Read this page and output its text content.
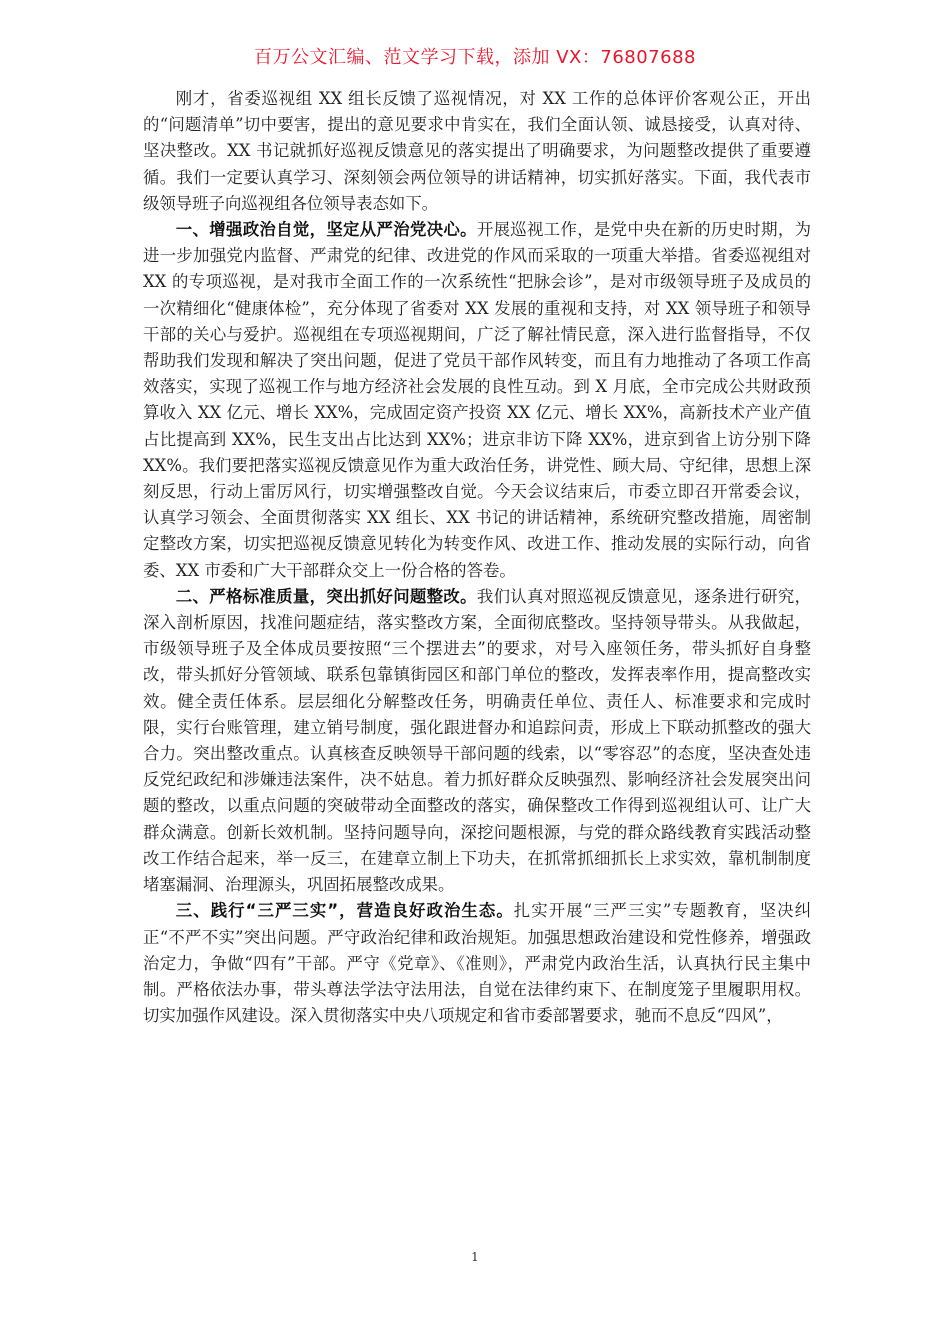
百万公文汇编、范文学习下载，添加 VX：76807688

刚才，省委巡视组 XX 组长反馈了巡视情况，对 XX 工作的总体评价客观公正，开出的“问题清单”切中要害，提出的意见要求中肯实在，我们全面认领、诚恳接受，认真对待、坚决整改。XX 书记就抓好巡视反馈意见的落实提出了明确要求，为问题整改提供了重要遵循。我们一定要认真学习、深刻领会两位领导的讲话精神，切实抓好落实。下面，我代表市级领导班子向巡视组各位领导表态如下。

一、增强政治自觉，坚定从严治党决心。开展巡视工作，是党中央在新的历史时期，为进一步加强党内监督、严肃党的纪律、改进党的作风而采取的一项重大举措。省委巡视组对 XX 的专项巡视，是对我市全面工作的一次系统性“把脉会诊”，是对市级领导班子及成员的一次精细化“健康体检”，充分体现了省委对 XX 发展的重视和支持，对 XX 领导班子和领导干部的关心与爱护。巡视组在专项巡视期间，广泛了解社情民意，深入进行监督指导，不仅帮助我们发现和解决了突出问题，促进了党员干部作风转变，而且有力地推动了各项工作高效落实，实现了巡视工作与地方经济社会发展的良性互动。到 X 月底，全市完成公共财政预算收入 XX 亿元、增长 XX%，完成固定资产投资 XX 亿元、增长 XX%，高新技术产业产值占比提高到 XX%，民生支出占比达到 XX%；进京非访下降 XX%，进京到省上访分别下降 XX%。我们要把落实巡视反馈意见作为重大政治任务，讲党性、顾大局、守纪律，思想上深刻反思，行动上雷厉风行，切实增强整改自觉。今天会议结束后，市委立即召开常委会议，认真学习领会、全面贯彻落实 XX 组长、XX 书记的讲话精神，系统研究整改措施，周密制定整改方案，切实把巡视反馈意见转化为转变作风、改进工作、推动发展的实际行动，向省委、XX 市委和广大干部群众交上一份合格的答卷。

二、严格标准质量，突出抓好问题整改。我们认真对照巡视反馈意见，逐条进行研究，深入剖析原因，找准问题症结，落实整改方案，全面彻底整改。坚持领导带头。从我做起，市级领导班子及全体成员要按照“三个摆进去”的要求，对号入座领任务，带头抓好自身整改，带头抓好分管领域、联系包靠镇街园区和部门单位的整改，发挥表率作用，提高整改实效。健全责任体系。层层细化分解整改任务，明确责任单位、责任人、标准要求和完成时限，实行台账管理，建立销号制度，强化跟进督办和追踪问责，形成上下联动抓整改的强大合力。突出整改重点。认真核查反映领导干部问题的线索，以“零容忍”的态度，坚决查处违反党纪政纪和涉嫌违法案件，决不姑息。着力抓好群众反映强烈、影响经济社会发展突出问题的整改，以重点问题的突破带动全面整改的落实，确保整改工作得到巡视组认可、让广大群众满意。创新长效机制。坚持问题导向，深挖问题根源，与党的群众路线教育实践活动整改工作结合起来，举一反三，在建章立制上下功夫，在抓常抓细抓长上求实效，靠机制制度堵塞漏洞、治理源头，巩固拓展整改成果。

三、践行“三严三实”，营造良好政治生态。扎实开展“三严三实”专题教育，坚决纠正“不严不实”突出问题。严守政治纪律和政治规矩。加强思想政治建设和党性修养，增强政治定力，争做“四有”干部。严守《党章》、《准则》，严肃党内政治生活，认真执行民主集中制。严格依法办事，带头尊法学法守法用法，自觉在法律约束下、在制度笼子里履职用权。切实加强作风建设。深入贯彻落实中央八项规定和省市委部署要求，驰而不息反“四风”，

1
